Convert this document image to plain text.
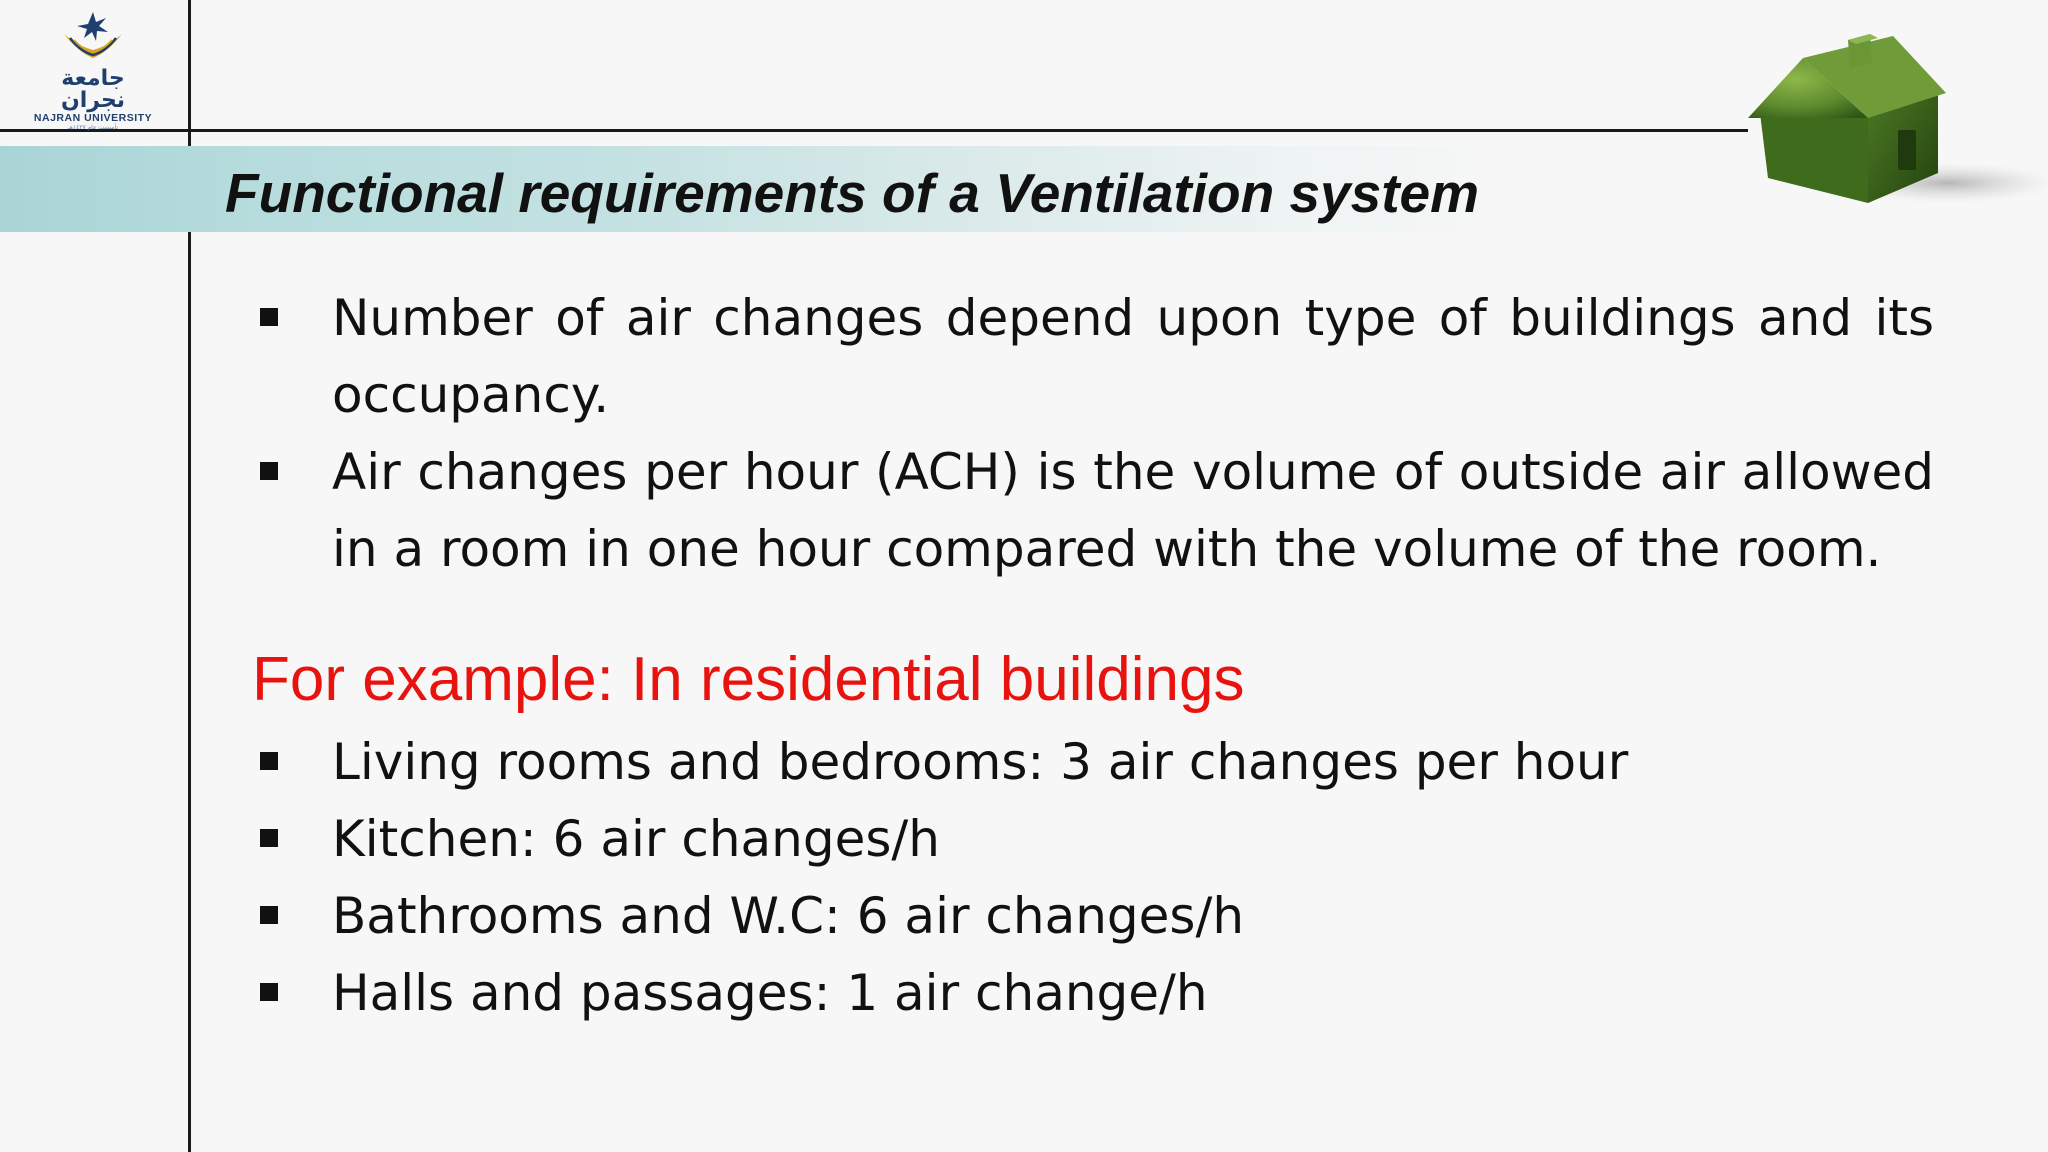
جامعة نجران
NAJRAN UNIVERSITY
تأسست عام ١٤٢٧هـ
Functional requirements of a Ventilation system
Number of air changes depend upon type of buildings and its occupancy.
Air changes per hour (ACH) is the volume of outside air allowed in a room in one hour compared with the volume of the room.
For example: In residential buildings
Living rooms and bedrooms: 3 air changes per hour
Kitchen: 6 air changes/h
Bathrooms and W.C: 6 air changes/h
Halls and passages: 1 air change/h
